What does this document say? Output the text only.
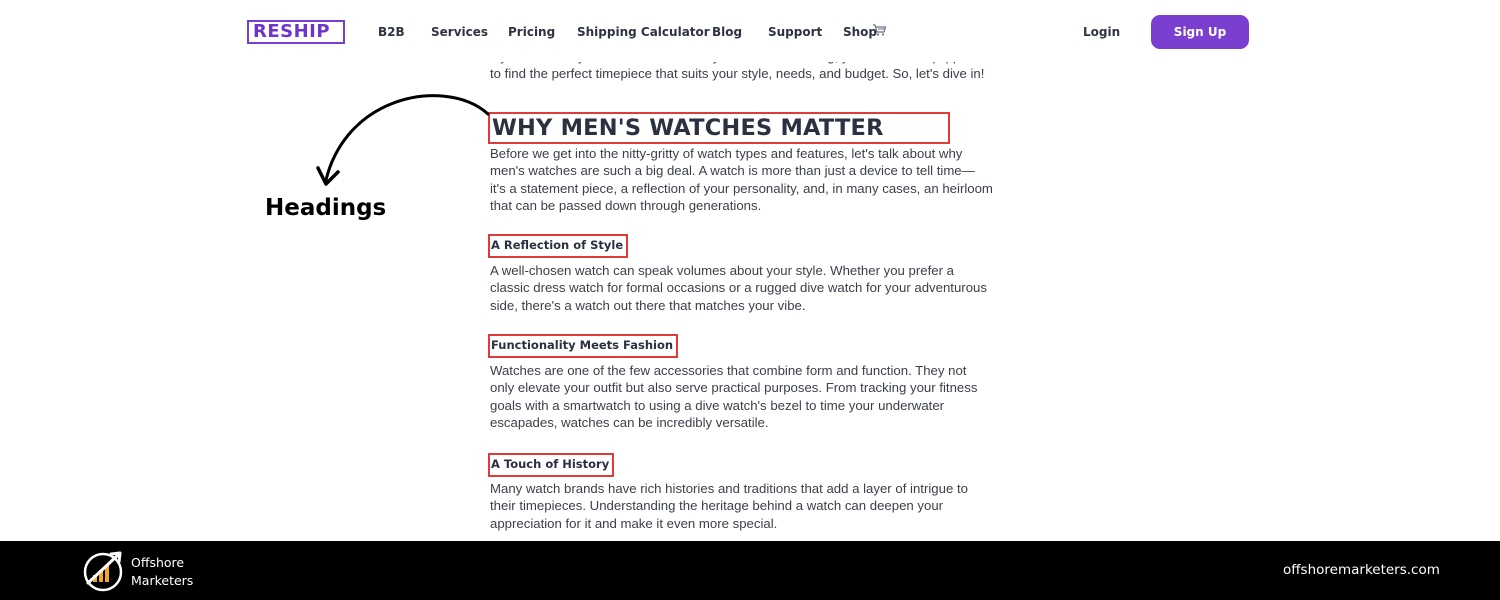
RESHIP	B2B Services Pricing Shipping Calculator Blog Support Shop	Login	Sign Up
to find the perfect timepiece that suits your style, needs, and budget. So, let's dive in!
WHY MEN'S WATCHES MATTER
Before we get into the nitty-gritty of watch types and features, let's talk about why
men's watches are such a big deal. A watch is more than just a device to tell time—
it's a statement piece, a reflection of your personality, and, in many cases, an heirloom
that can be passed down through generations.
A Reflection of Style
A well-chosen watch can speak volumes about your style. Whether you prefer a
classic dress watch for formal occasions or a rugged dive watch for your adventurous
side, there's a watch out there that matches your vibe.
Functionality Meets Fashion
Watches are one of the few accessories that combine form and function. They not
only elevate your outfit but also serve practical purposes. From tracking your fitness
goals with a smartwatch to using a dive watch's bezel to time your underwater
escapades, watches can be incredibly versatile.
A Touch of History
Many watch brands have rich histories and traditions that add a layer of intrigue to
their timepieces. Understanding the heritage behind a watch can deepen your
appreciation for it and make it even more special.
Headings
Offshore
Marketers
offshoremarketers.com
